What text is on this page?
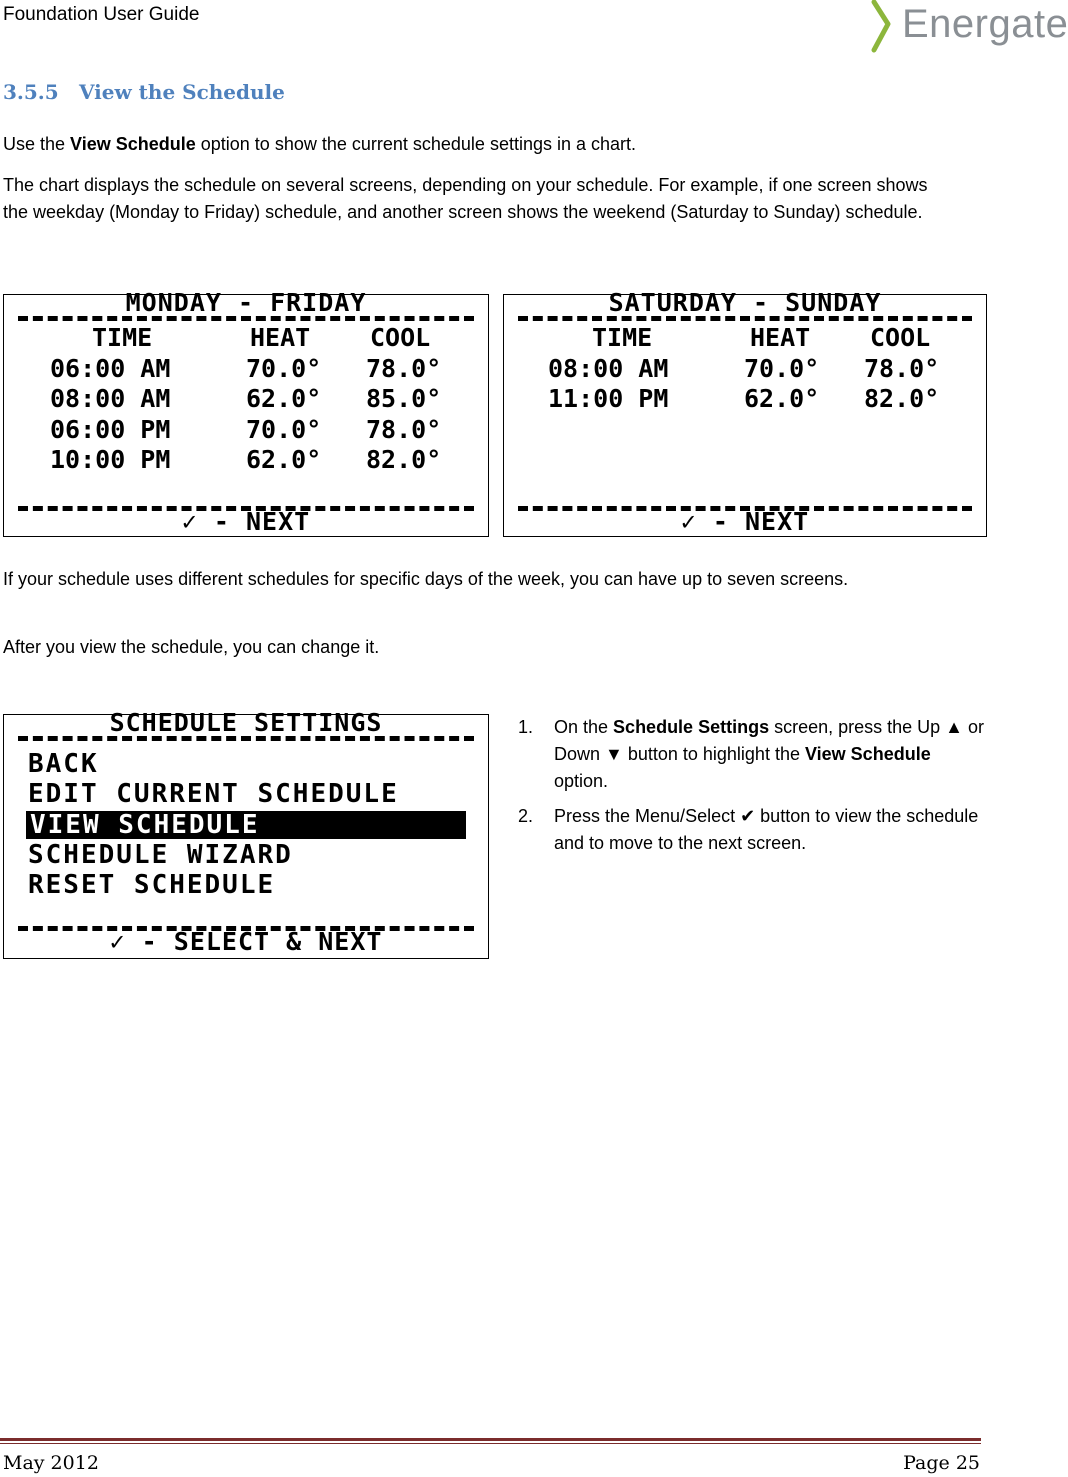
Foundation User Guide	Energate
3.5.5 View the Schedule
Use the View Schedule option to show the current schedule settings in a chart.
The chart displays the schedule on several screens, depending on your schedule. For example, if one screen shows the weekday (Monday to Friday) schedule, and another screen shows the weekend (Saturday to Sunday) schedule.
MONDAY - FRIDAY
TIME	HEAT COOL
06:00 AM	70.0° 78.0°
08:00 AM	62.0° 85.0°
06:00 PM	70.0° 78.0°
10:00 PM	62.0° 82.0°
✓ - NEXT
SATURDAY - SUNDAY
TIME	HEAT COOL
08:00 AM	70.0° 78.0°
11:00 PM	62.0° 82.0°
✓ - NEXT
If your schedule uses different schedules for specific days of the week, you can have up to seven screens.
After you view the schedule, you can change it.
SCHEDULE SETTINGS
BACK
EDIT CURRENT SCHEDULE
VIEW SCHEDULE
SCHEDULE WIZARD
RESET SCHEDULE
✓ - SELECT & NEXT
1. On the Schedule Settings screen, press the Up ▲ or Down ▼ button to highlight the View Schedule option.
2. Press the Menu/Select ✔ button to view the schedule and to move to the next screen.
May 2012	Page 25
